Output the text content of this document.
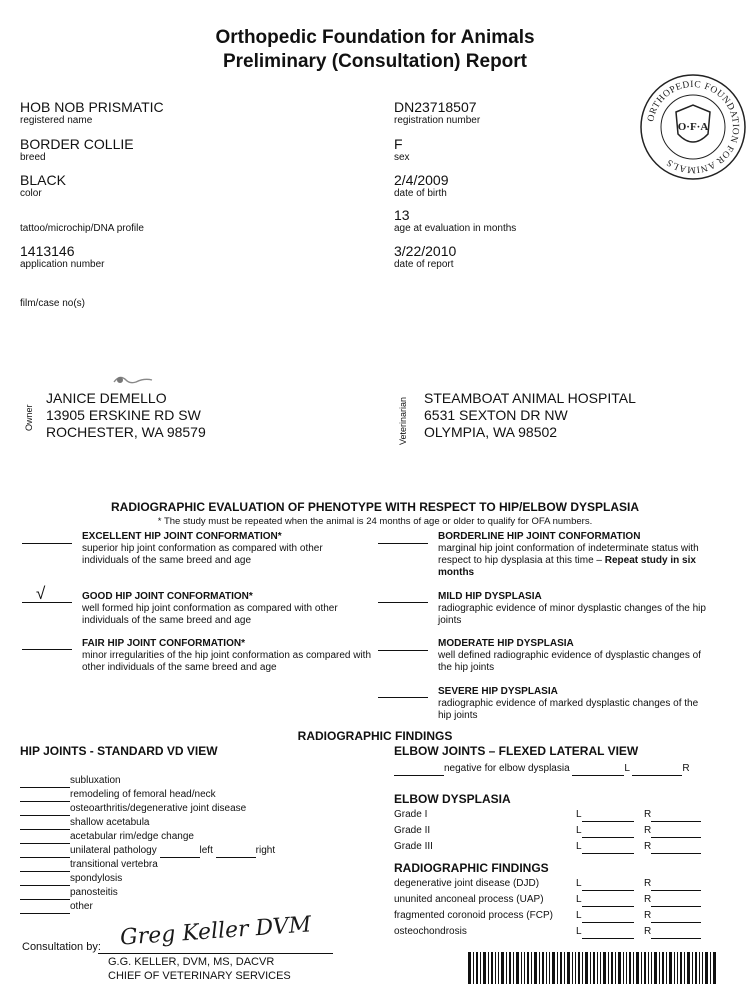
Orthopedic Foundation for Animals
Preliminary (Consultation) Report
ORTHOPEDIC FOUNDATION FOR ANIMALS
O·F·A
HOB NOB PRISMATIC
registered name
BORDER COLLIE
breed
BLACK
color
tattoo/microchip/DNA profile
1413146
application number
film/case no(s)
DN23718507
registration number
F
sex
2/4/2009
date of birth
13
age at evaluation in months
3/22/2010
date of report
Owner
JANICE DEMELLO
13905 ERSKINE RD SW
ROCHESTER, WA 98579	Veterinarian STEAMBOAT ANIMAL HOSPITAL
6531 SEXTON DR NW
OLYMPIA, WA 98502
RADIOGRAPHIC EVALUATION OF PHENOTYPE WITH RESPECT TO HIP/ELBOW DYSPLASIA
* The study must be repeated when the animal is 24 months of age or older to qualify for OFA numbers.
EXCELLENT HIP JOINT CONFORMATION*
superior hip joint conformation as compared with other individuals of the same breed and age
√	GOOD HIP JOINT CONFORMATION*
well formed hip joint conformation as compared with other individuals of the same breed and age
FAIR HIP JOINT CONFORMATION*
minor irregularities of the hip joint conformation as compared with other individuals of the same breed and age
BORDERLINE HIP JOINT CONFORMATION
marginal hip joint conformation of indeterminate status with respect to hip dysplasia at this time – Repeat study in six months
MILD HIP DYSPLASIA
radiographic evidence of minor dysplastic changes of the hip joints
MODERATE HIP DYSPLASIA
well defined radiographic evidence of dysplastic changes of the hip joints
SEVERE HIP DYSPLASIA
radiographic evidence of marked dysplastic changes of the hip joints
RADIOGRAPHIC FINDINGS
HIP JOINTS - STANDARD VD VIEW
subluxation
remodeling of femoral head/neck
osteoarthritis/degenerative joint disease
shallow acetabula
acetabular rim/edge change
unilateral pathology	left	right
transitional vertebra
spondylosis
panosteitis
other
ELBOW JOINTS – FLEXED LATERAL VIEW
negative for elbow dysplasia	L	R
ELBOW DYSPLASIA
Grade I	L	R
Grade II	L	R
Grade III	L	R
RADIOGRAPHIC FINDINGS
degenerative joint disease (DJD)	L	R
ununited anconeal process (UAP)	L	R
fragmented coronoid process (FCP) L	R
osteochondrosis	L	R
Consultation by: Greg Keller DVM
G.G. KELLER, DVM, MS, DACVR
CHIEF OF VETERINARY SERVICES
